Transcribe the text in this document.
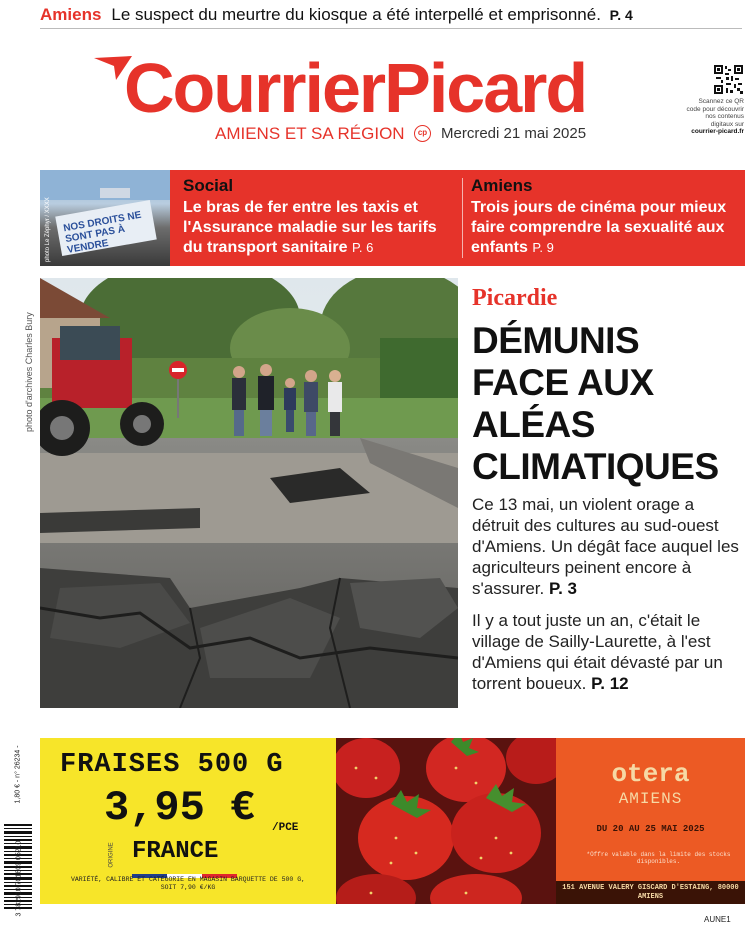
Amiens Le suspect du meurtre du kiosque a été interpellé et emprisonné. P. 4
CourrierPicard
AMIENS ET SA RÉGION	cp Mercredi 21 mai 2025
Scannez ce QR code pour découvrir nos contenus digitaux sur courrier-picard.fr
NOS DROITS NE SONT PAS À VENDRE
photo Le Zéphyr / XXXX
Social
Le bras de fer entre les taxis et l'Assurance maladie sur les tarifs du transport sanitaire P. 6
Amiens
Trois jours de cinéma pour mieux faire comprendre la sexualité aux enfants P. 9
photo d'archives Charles Bury
Picardie
DÉMUNIS
FACE AUX
ALÉAS
CLIMATIQUES
Ce 13 mai, un violent orage a détruit des cultures au sud-ouest d'Amiens. Un dégât face auquel les agriculteurs peinent encore à s'assurer. P. 3
Il y a tout juste un an, c'était le village de Sailly-Laurette, à l'est d'Amiens qui était dévasté par un torrent boueux. P. 12
FRAISES 500 G
3,95 € /PCE
ORIGINE FRANCE
VARIÉTÉ, CALIBRE ET CATÉGORIE EN MAGASIN BARQUETTE DE 500 G, SOIT 7,90 €/KG
otera
AMIENS
DU 20 AU 25 MAI 2025
*Offre valable dans la limite des stocks disponibles.
151 AVENUE VALERY GISCARD D'ESTAING, 80000 AMIENS
1,80 € - n° 26234 -
3 782910 701809 05210
AUNE1
